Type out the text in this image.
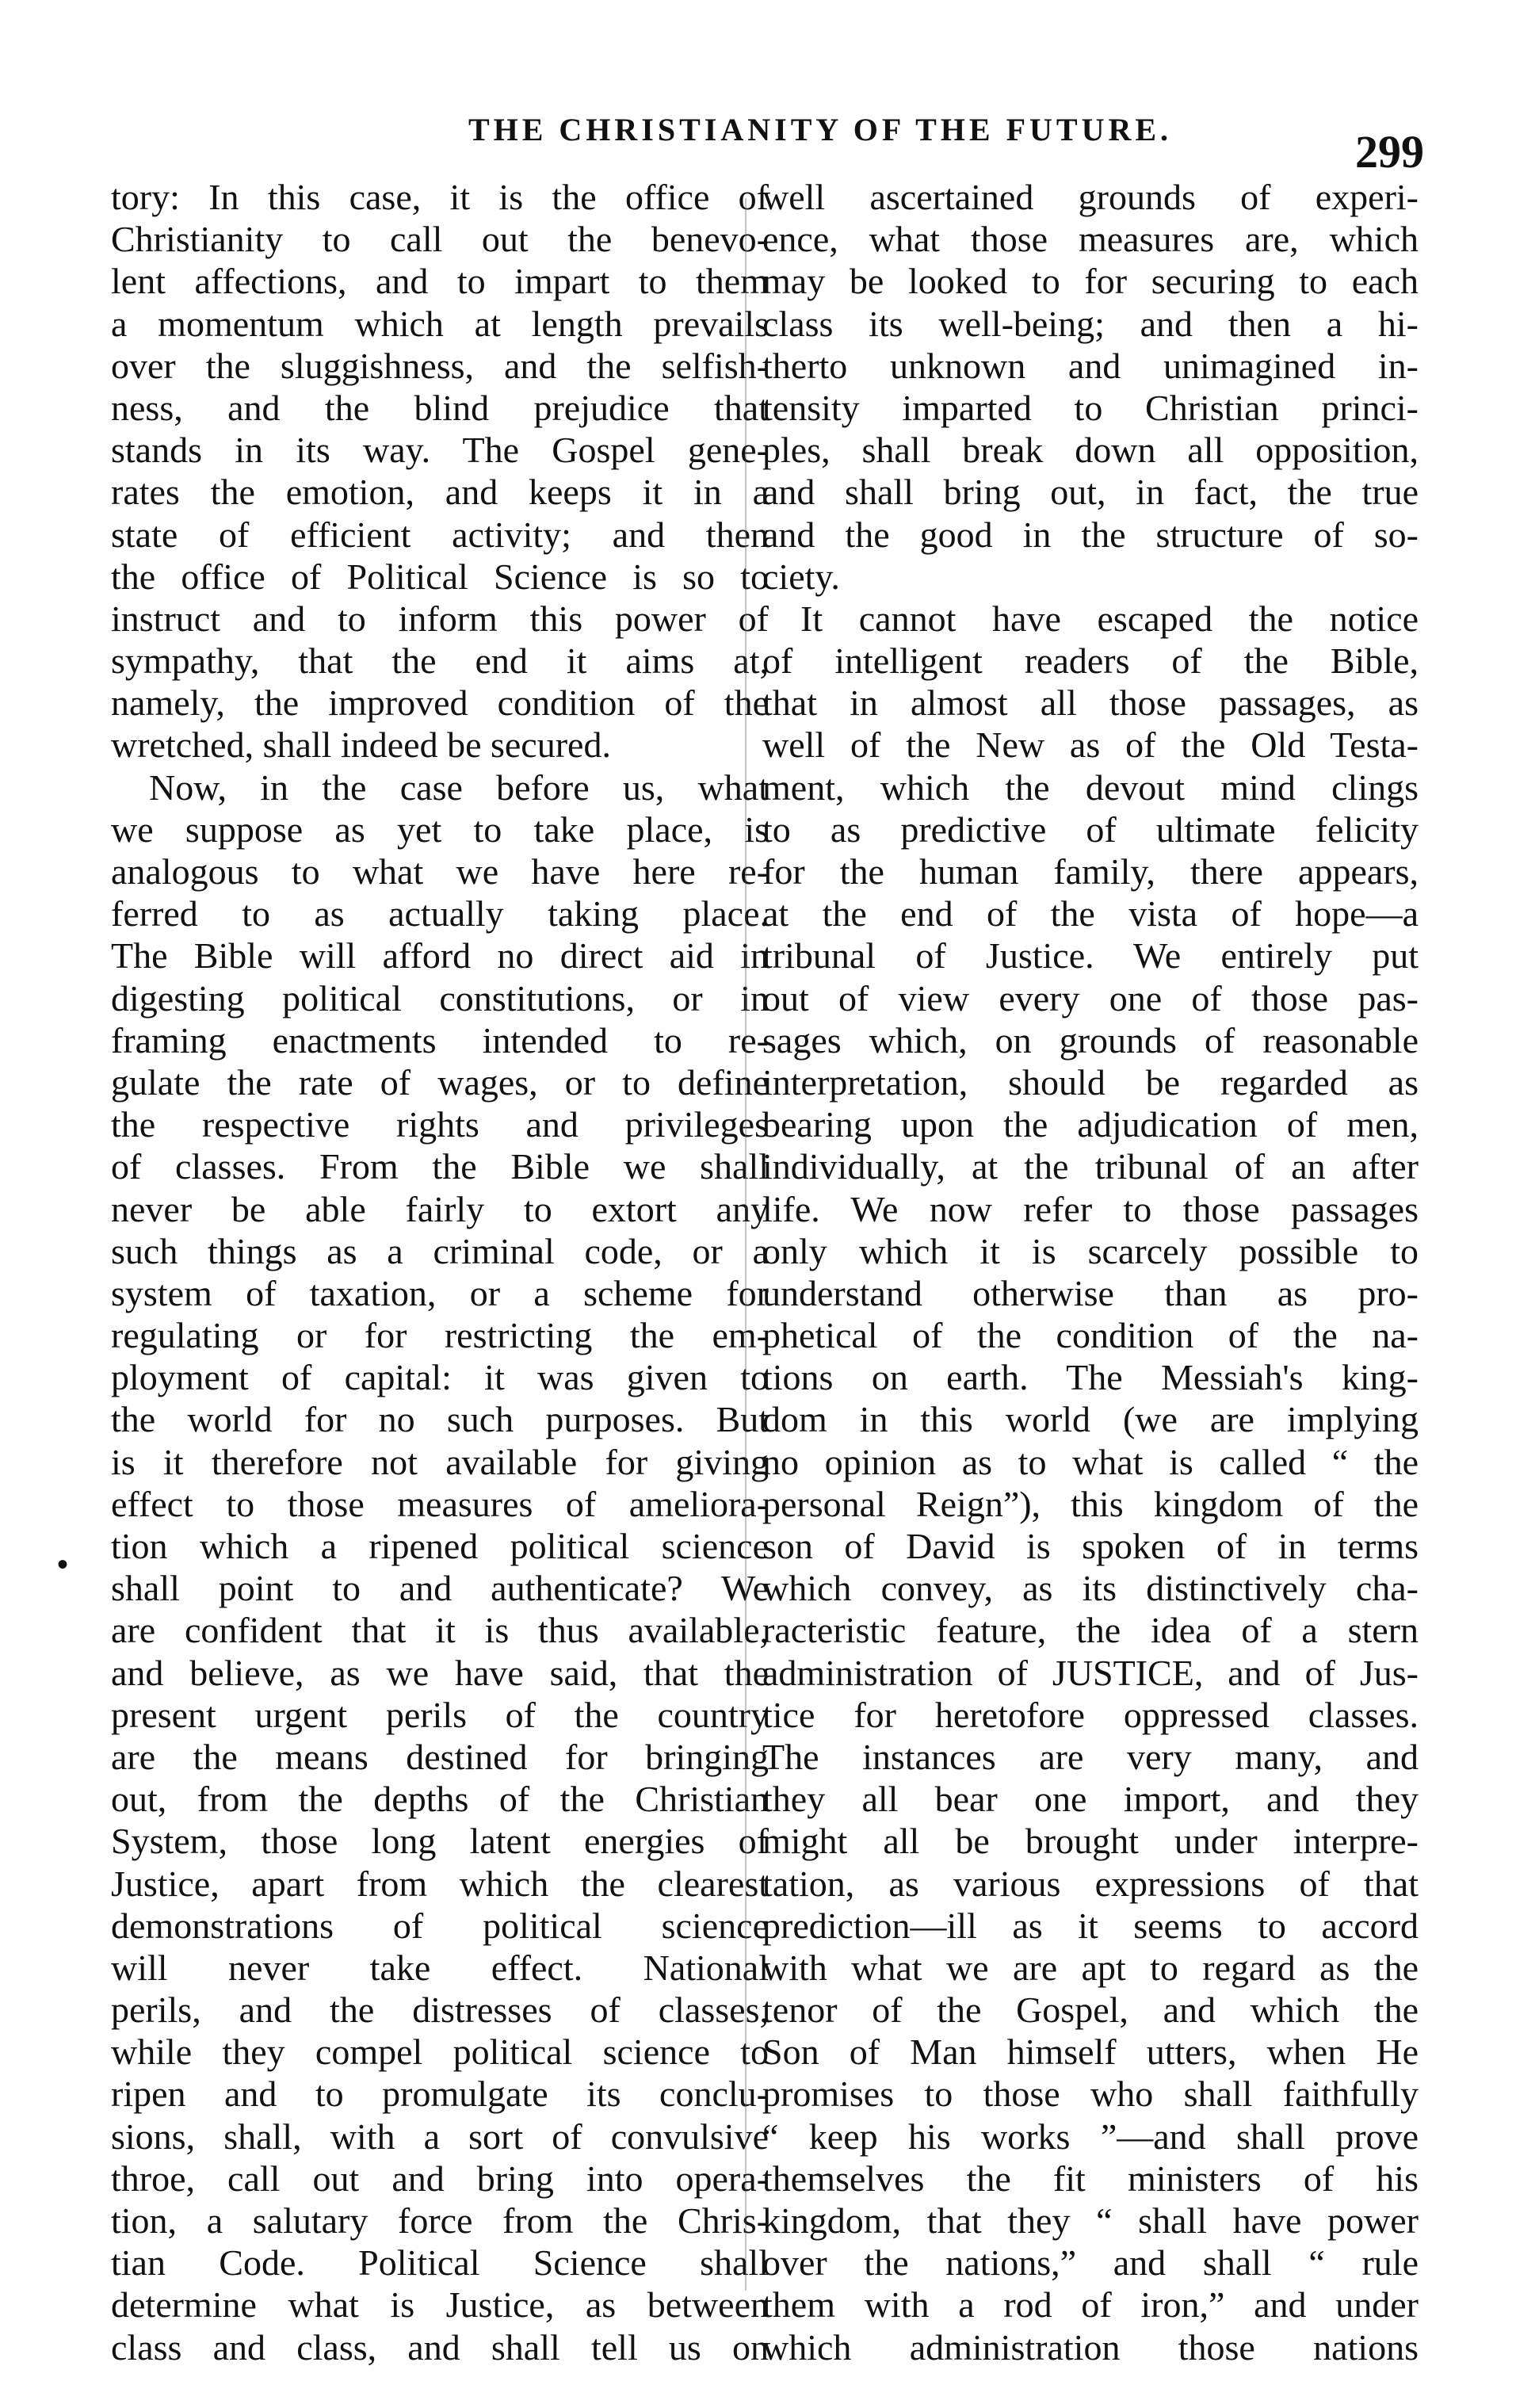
THE CHRISTIANITY OF THE FUTURE.	299
•
tory: In this case, it is the office of
Christianity to call out the benevo-
lent affections, and to impart to them
a momentum which at length prevails
over the sluggishness, and the selfish-
ness, and the blind prejudice that
stands in its way. The Gospel gene-
rates the emotion, and keeps it in a
state of efficient activity; and then
the office of Political Science is so to
instruct and to inform this power of
sympathy, that the end it aims at,
namely, the improved condition of the
wretched, shall indeed be secured.
Now, in the case before us, what
we suppose as yet to take place, is
analogous to what we have here re-
ferred to as actually taking place.
The Bible will afford no direct aid in
digesting political constitutions, or in
framing enactments intended to re-
gulate the rate of wages, or to define
the respective rights and privileges
of classes. From the Bible we shall
never be able fairly to extort any
such things as a criminal code, or a
system of taxation, or a scheme for
regulating or for restricting the em-
ployment of capital: it was given to
the world for no such purposes. But
is it therefore not available for giving
effect to those measures of ameliora-
tion which a ripened political science
shall point to and authenticate? We
are confident that it is thus available,
and believe, as we have said, that the
present urgent perils of the country
are the means destined for bringing
out, from the depths of the Christian
System, those long latent energies of
Justice, apart from which the clearest
demonstrations of political science
will never take effect. National
perils, and the distresses of classes,
while they compel political science to
ripen and to promulgate its conclu-
sions, shall, with a sort of convulsive
throe, call out and bring into opera-
tion, a salutary force from the Chris-
tian Code. Political Science shall
determine what is Justice, as between
class and class, and shall tell us on
well ascertained grounds of experi-
ence, what those measures are, which
may be looked to for securing to each
class its well-being; and then a hi-
therto unknown and unimagined in-
tensity imparted to Christian princi-
ples, shall break down all opposition,
and shall bring out, in fact, the true
and the good in the structure of so-
ciety.
It cannot have escaped the notice
of intelligent readers of the Bible,
that in almost all those passages, as
well of the New as of the Old Testa-
ment, which the devout mind clings
to as predictive of ultimate felicity
for the human family, there appears,
at the end of the vista of hope—a
tribunal of Justice. We entirely put
out of view every one of those pas-
sages which, on grounds of reasonable
interpretation, should be regarded as
bearing upon the adjudication of men,
individually, at the tribunal of an after
life. We now refer to those passages
only which it is scarcely possible to
understand otherwise than as pro-
phetical of the condition of the na-
tions on earth. The Messiah's king-
dom in this world (we are implying
no opinion as to what is called “ the
personal Reign”), this kingdom of the
son of David is spoken of in terms
which convey, as its distinctively cha-
racteristic feature, the idea of a stern
administration of JUSTICE, and of Jus-
tice for heretofore oppressed classes.
The instances are very many, and
they all bear one import, and they
might all be brought under interpre-
tation, as various expressions of that
prediction—ill as it seems to accord
with what we are apt to regard as the
tenor of the Gospel, and which the
Son of Man himself utters, when He
promises to those who shall faithfully
“ keep his works ”—and shall prove
themselves the fit ministers of his
kingdom, that they “ shall have power
over the nations,” and shall “ rule
them with a rod of iron,” and under
which administration those nations
